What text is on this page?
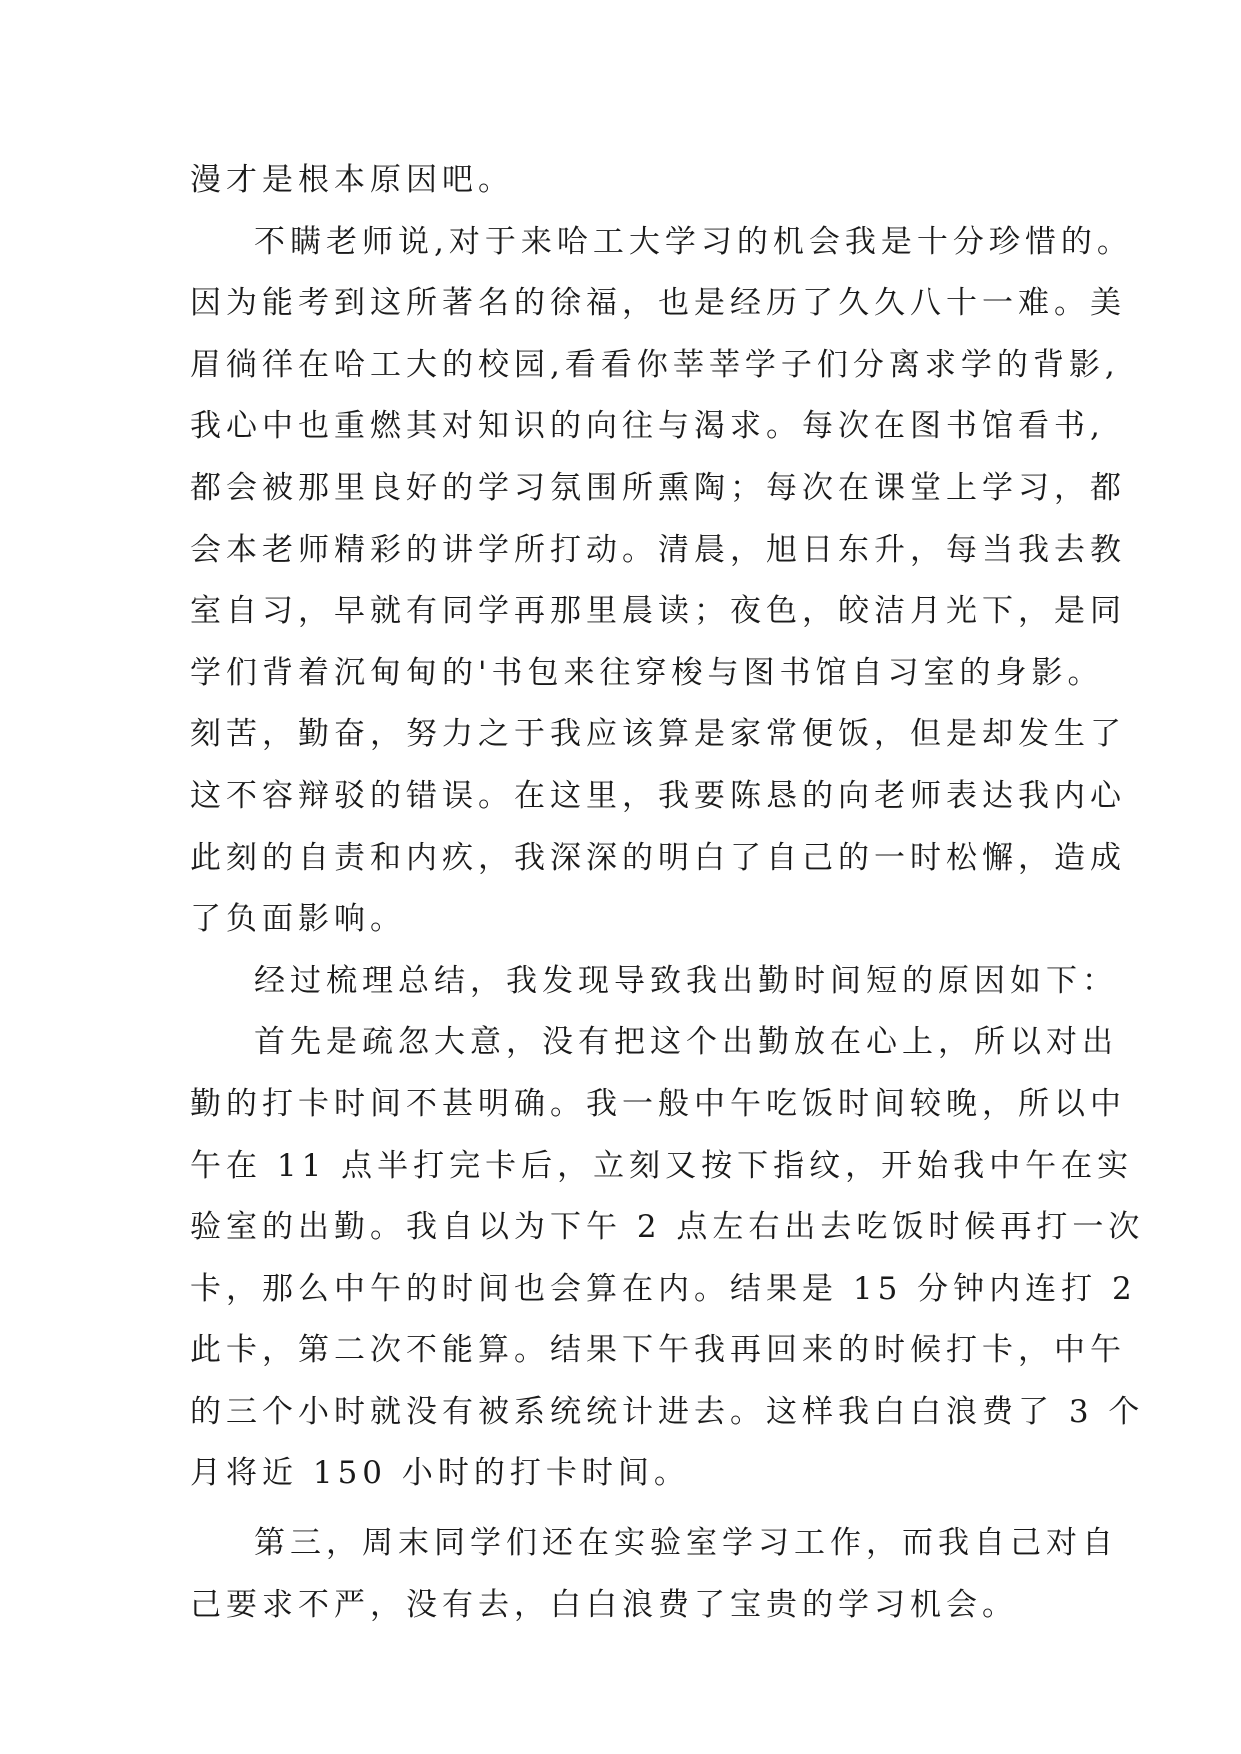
漫才是根本原因吧。
不瞒老师说,对于来哈工大学习的机会我是十分珍惜的。
因为能考到这所著名的徐福，也是经历了久久八十一难。美
眉徜徉在哈工大的校园,看看你莘莘学子们分离求学的背影,
我心中也重燃其对知识的向往与渴求。每次在图书馆看书,
都会被那里良好的学习氛围所熏陶；每次在课堂上学习，都
会本老师精彩的讲学所打动。清晨，旭日东升，每当我去教
室自习，早就有同学再那里晨读；夜色，皎洁月光下，是同
学们背着沉甸甸的'书包来往穿梭与图书馆自习室的身影。
刻苦，勤奋，努力之于我应该算是家常便饭，但是却发生了
这不容辩驳的错误。在这里，我要陈恳的向老师表达我内心
此刻的自责和内疚，我深深的明白了自己的一时松懈，造成
了负面影响。
经过梳理总结，我发现导致我出勤时间短的原因如下：
首先是疏忽大意，没有把这个出勤放在心上，所以对出
勤的打卡时间不甚明确。我一般中午吃饭时间较晚，所以中
午在 11 点半打完卡后，立刻又按下指纹，开始我中午在实
验室的出勤。我自以为下午 2 点左右出去吃饭时候再打一次
卡，那么中午的时间也会算在内。结果是 15 分钟内连打 2
此卡，第二次不能算。结果下午我再回来的时候打卡，中午
的三个小时就没有被系统统计进去。这样我白白浪费了 3 个
月将近 150 小时的打卡时间。
第三，周末同学们还在实验室学习工作，而我自己对自
己要求不严，没有去，白白浪费了宝贵的学习机会。
